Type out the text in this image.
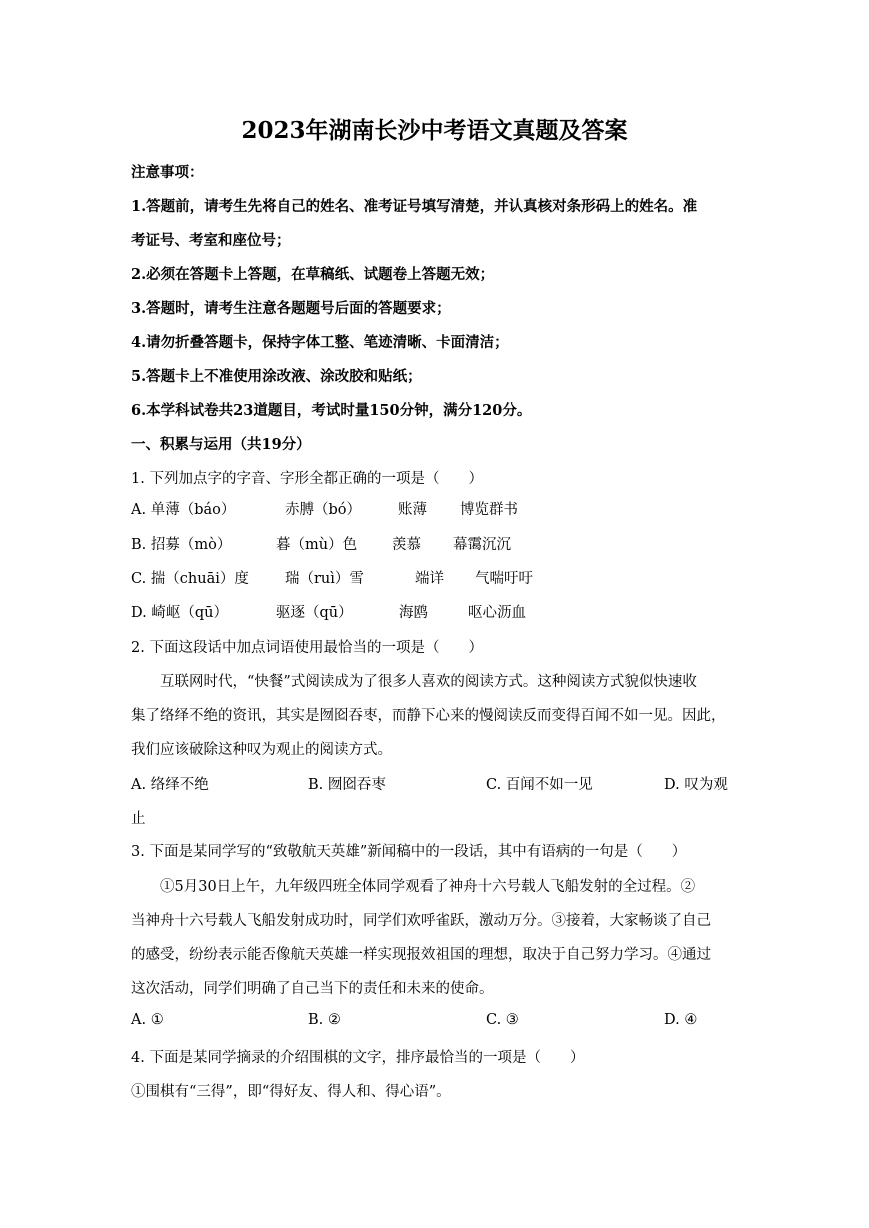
2023年湖南长沙中考语文真题及答案
注意事项：
1.答题前，请考生先将自己的姓名、准考证号填写清楚，并认真核对条形码上的姓名。准
考证号、考室和座位号；
2.必须在答题卡上答题，在草稿纸、试题卷上答题无效；
3.答题时，请考生注意各题题号后面的答题要求；
4.请勿折叠答题卡，保持字体工整、笔迹清晰、卡面清洁；
5.答题卡上不准使用涂改液、涂改胶和贴纸；
6.本学科试卷共23道题目，考试时量150分钟，满分120分。
一、积累与运用（共19分）
1. 下列加点字的字音、字形全都正确的一项是（　　）
A. 单薄（báo）	赤膊（bó）	账薄 博览群书
B. 招募（mò）	暮（mù）色 羡慕 幕霭沉沉
C. 揣（chuāi）度 瑞（ruì）雪	端详 气喘吁吁
D. 崎岖（qū）	驱逐（qū）	海鸥	呕心沥血
2. 下面这段话中加点词语使用最恰当的一项是（　　）
互联网时代，“快餐”式阅读成为了很多人喜欢的阅读方式。这种阅读方式貌似快速收
集了络绎不绝的资讯，其实是囫囵吞枣，而静下心来的慢阅读反而变得百闻不如一见。因此，
我们应该破除这种叹为观止的阅读方式。
A. 络绎不绝	B. 囫囵吞枣	C. 百闻不如一见	D. 叹为观
止
3. 下面是某同学写的“致敬航天英雄”新闻稿中的一段话，其中有语病的一句是（　　）
①5月30日上午，九年级四班全体同学观看了神舟十六号载人飞船发射的全过程。②
当神舟十六号载人飞船发射成功时，同学们欢呼雀跃，激动万分。③接着，大家畅谈了自己
的感受，纷纷表示能否像航天英雄一样实现报效祖国的理想，取决于自己努力学习。④通过
这次活动，同学们明确了自己当下的责任和未来的使命。
A. ①	B. ②	C. ③	D. ④
4. 下面是某同学摘录的介绍围棋的文字，排序最恰当的一项是（　　）
①围棋有“三得”，即“得好友、得人和、得心语”。
